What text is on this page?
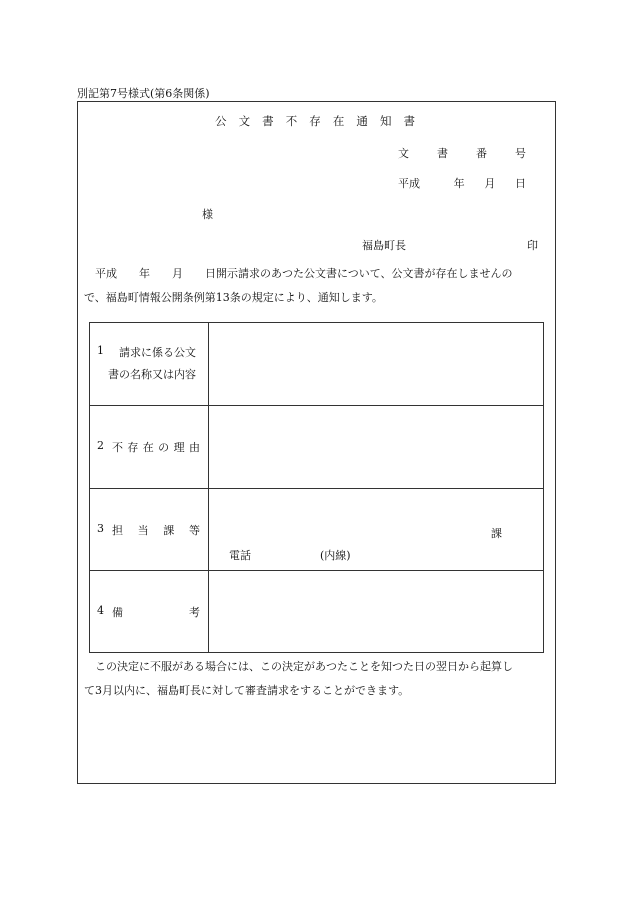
別記第7号様式(第6条関係)
公 文 書 不 存 在 通 知 書
文	書	番	号
平成	年 月 日
様
福島町長	印

　平成　　年　　月　　日開示請求のあつた公文書について、公文書が存在しませんの

で、福島町情報公開条例第13条の規定により、通知します。

1 請求に係る公文
書の名称又は内容
2 不 存 在 の 理 由
3 担 当 課 等	課
電話	(内線)
4 備	考

　この決定に不服がある場合には、この決定があつたことを知つた日の翌日から起算し

て3月以内に、福島町長に対して審査請求をすることができます。
